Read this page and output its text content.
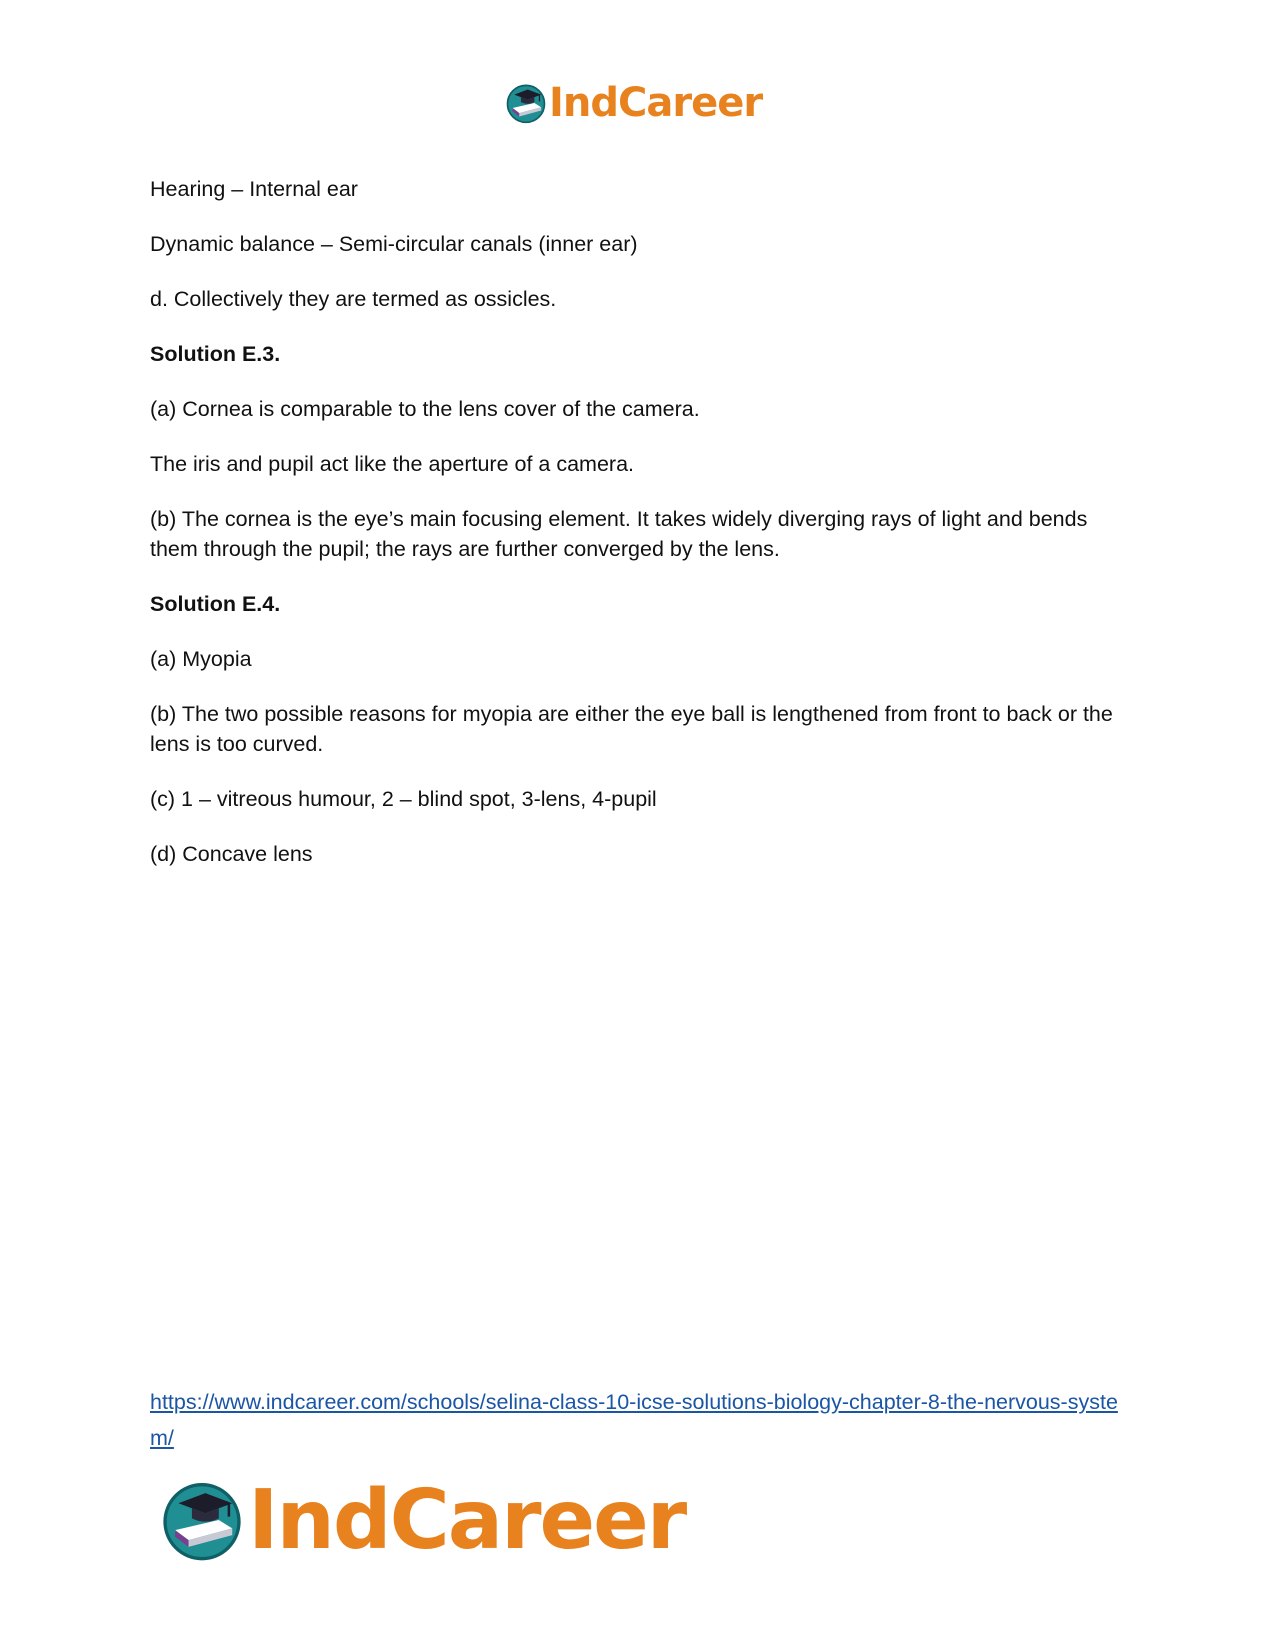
IndCareer

Hearing – Internal ear

Dynamic balance – Semi-circular canals (inner ear)

d. Collectively they are termed as ossicles.

Solution E.3.

(a) Cornea is comparable to the lens cover of the camera.

The iris and pupil act like the aperture of a camera.

(b) The cornea is the eye’s main focusing element. It takes widely diverging rays of light and bends them through the pupil; the rays are further converged by the lens.

Solution E.4.

(a) Myopia

(b) The two possible reasons for myopia are either the eye ball is lengthened from front to back or the lens is too curved.

(c) 1 – vitreous humour, 2 – blind spot, 3-lens, 4-pupil

(d) Concave lens

https://www.indcareer.com/schools/selina-class-10-icse-solutions-biology-chapter-8-the-nervous-system/
IndCareer
